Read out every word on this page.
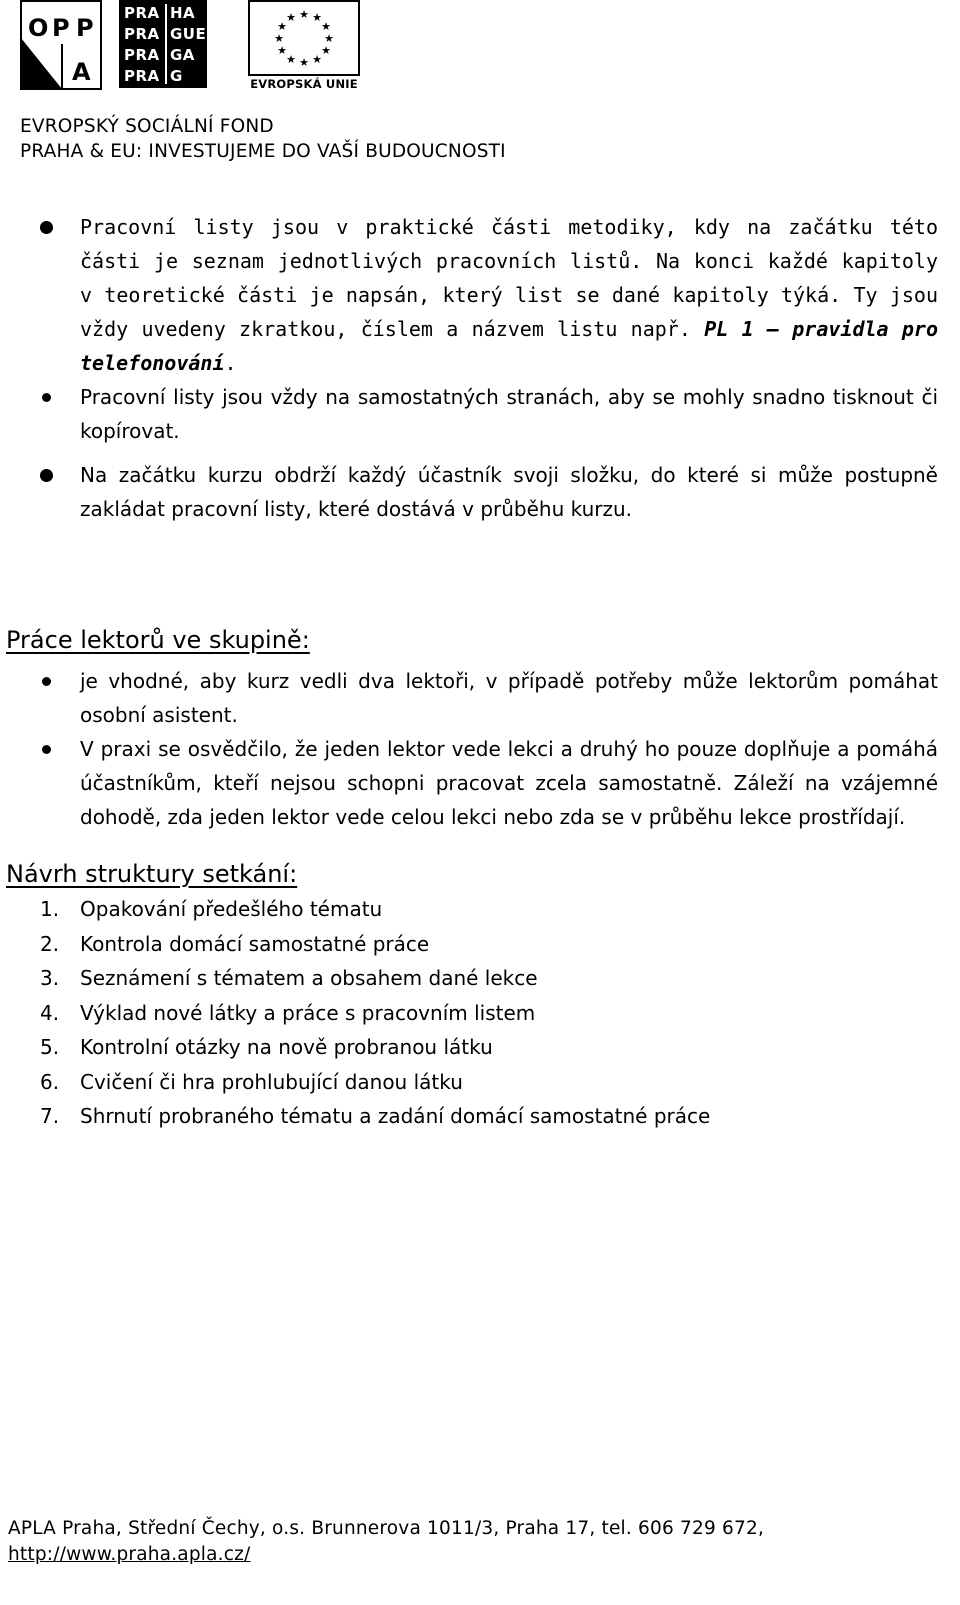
O P P
A
PRA
PRA
PRA
PRA
HA
GUE
GA
G
★ ★
★
★
★
★
★
★
★
★
★
★
EVROPSKÁ UNIE
EVROPSKÝ SOCIÁLNÍ FOND
PRAHA & EU: INVESTUJEME DO VAŠÍ BUDOUCNOSTI
Pracovní listy jsou v praktické části metodiky, kdy na začátku této části je seznam jednotlivých pracovních listů. Na konci každé kapitoly v teoretické části je napsán, který list se dané kapitoly týká. Ty jsou vždy uvedeny zkratkou, číslem a názvem listu např. PL 1 – pravidla pro telefonování.
Pracovní listy jsou vždy na samostatných stranách, aby se mohly snadno tisknout či kopírovat.
Na začátku kurzu obdrží každý účastník svoji složku, do které si může postupně zakládat pracovní listy, které dostává v průběhu kurzu.
Práce lektorů ve skupině:
je vhodné, aby kurz vedli dva lektoři, v případě potřeby může lektorům pomáhat osobní asistent.
V praxi se osvědčilo, že jeden lektor vede lekci a druhý ho pouze doplňuje a pomáhá účastníkům, kteří nejsou schopni pracovat zcela samostatně. Záleží na vzájemné dohodě, zda jeden lektor vede celou lekci nebo zda se v průběhu lekce prostřídají.
Návrh struktury setkání:
1. Opakování předešlého tématu
2. Kontrola domácí samostatné práce
3. Seznámení s tématem a obsahem dané lekce
4. Výklad nové látky a práce s pracovním listem
5. Kontrolní otázky na nově probranou látku
6. Cvičení či hra prohlubující danou látku
7. Shrnutí probraného tématu a zadání domácí samostatné práce
APLA Praha, Střední Čechy, o.s. Brunnerova 1011/3, Praha 17, tel. 606 729 672,
http://www.praha.apla.cz/
